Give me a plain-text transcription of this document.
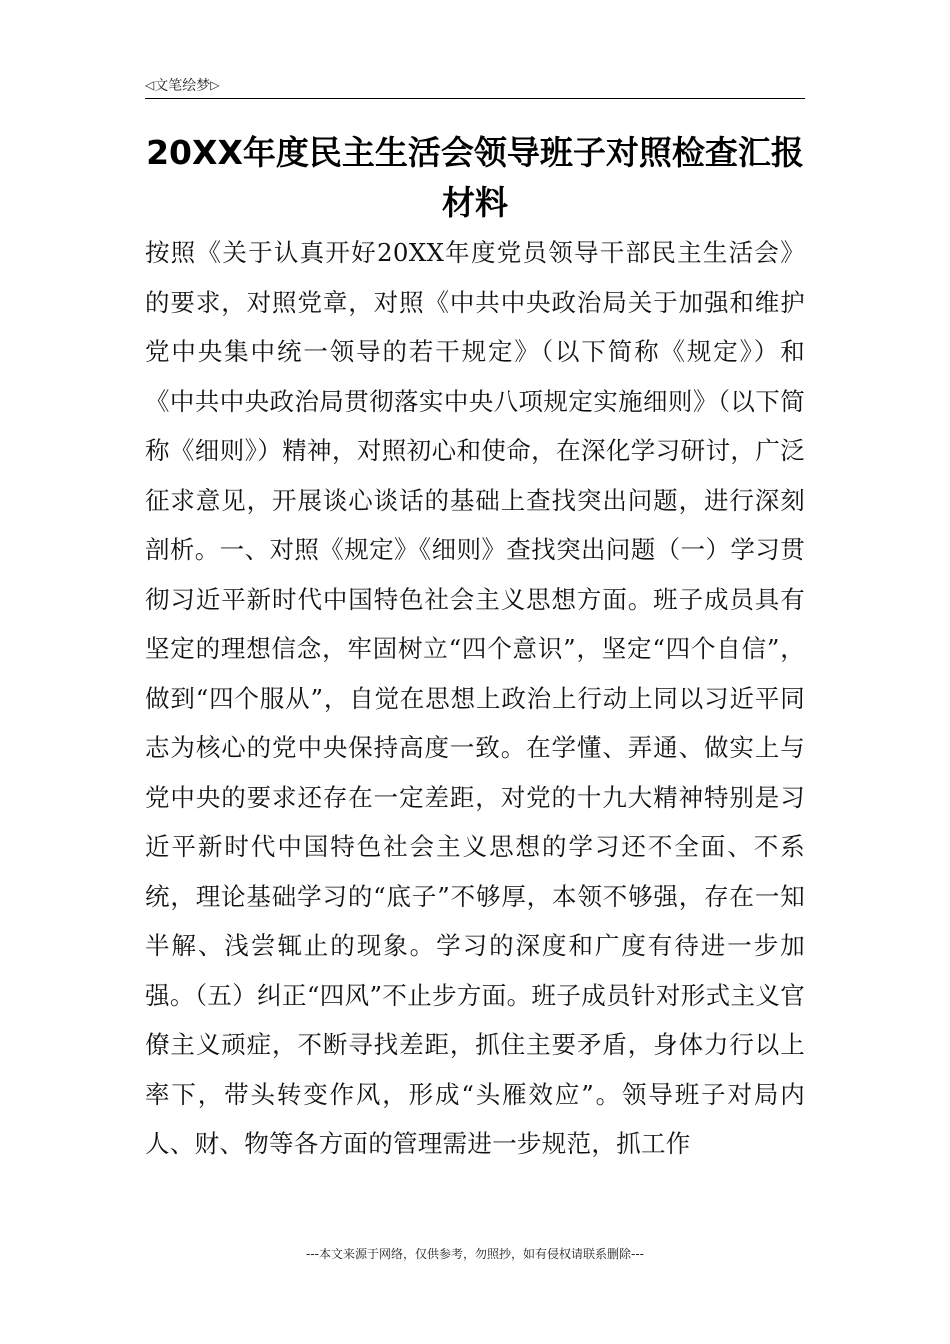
◁文笔绘梦▷
20XX年度民主生活会领导班子对照检查汇报材料

按照《关于认真开好20XX年度党员领导干部民主生活会》的要求，对照党章，对照《中共中央政治局关于加强和维护党中央集中统一领导的若干规定》（以下简称《规定》）和《中共中央政治局贯彻落实中央八项规定实施细则》（以下简称《细则》）精神，对照初心和使命，在深化学习研讨，广泛征求意见，开展谈心谈话的基础上查找突出问题，进行深刻剖析。一、对照《规定》《细则》查找突出问题（一）学习贯彻习近平新时代中国特色社会主义思想方面。班子成员具有坚定的理想信念，牢固树立“四个意识”，坚定“四个自信”，做到“四个服从”，自觉在思想上政治上行动上同以习近平同志为核心的党中央保持高度一致。在学懂、弄通、做实上与党中央的要求还存在一定差距，对党的十九大精神特别是习近平新时代中国特色社会主义思想的学习还不全面、不系统，理论基础学习的“底子”不够厚，本领不够强，存在一知半解、浅尝辄止的现象。学习的深度和广度有待进一步加强。（五）纠正“四风”不止步方面。班子成员针对形式主义官僚主义顽症，不断寻找差距，抓住主要矛盾，身体力行以上率下，带头转变作风，形成“头雁效应”。领导班子对局内人、财、物等各方面的管理需进一步规范，抓工作

---本文来源于网络，仅供参考，勿照抄，如有侵权请联系删除---
